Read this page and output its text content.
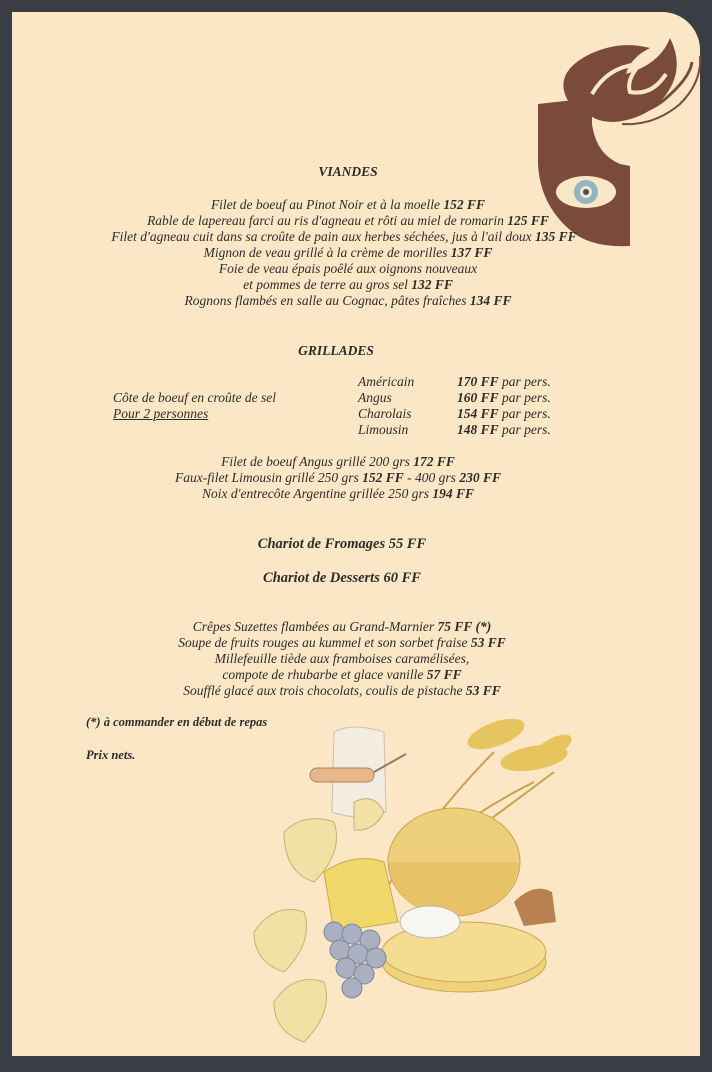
VIANDES
Filet de boeuf au Pinot Noir et à la moelle 152 FF
Rable de lapereau farci au ris d'agneau et rôti au miel de romarin 125 FF
Filet d'agneau cuit dans sa croûte de pain aux herbes séchées, jus à l'ail doux 135 FF
Mignon de veau grillé à la crème de morilles 137 FF
Foie de veau épais poêlé aux oignons nouveaux
et pommes de terre au gros sel 132 FF
Rognons flambés en salle au Cognac, pâtes fraîches 134 FF
GRILLADES
Côte de boeuf en croûte de sel
Pour 2 personnes
Américain	170 FF par pers.
Angus	160 FF par pers.
Charolais	154 FF par pers.
Limousin	148 FF par pers.
Filet de boeuf Angus grillé 200 grs 172 FF
Faux-filet Limousin grillé 250 grs 152 FF - 400 grs 230 FF
Noix d'entrecôte Argentine grillée 250 grs 194 FF
Chariot de Fromages 55 FF
Chariot de Desserts 60 FF
Crêpes Suzettes flambées au Grand-Marnier 75 FF (*)
Soupe de fruits rouges au kummel et son sorbet fraise 53 FF
Millefeuille tiède aux framboises caramélisées,
compote de rhubarbe et glace vanille 57 FF
Soufflé glacé aux trois chocolats, coulis de pistache 53 FF
(*) à commander en début de repas
Prix nets.
